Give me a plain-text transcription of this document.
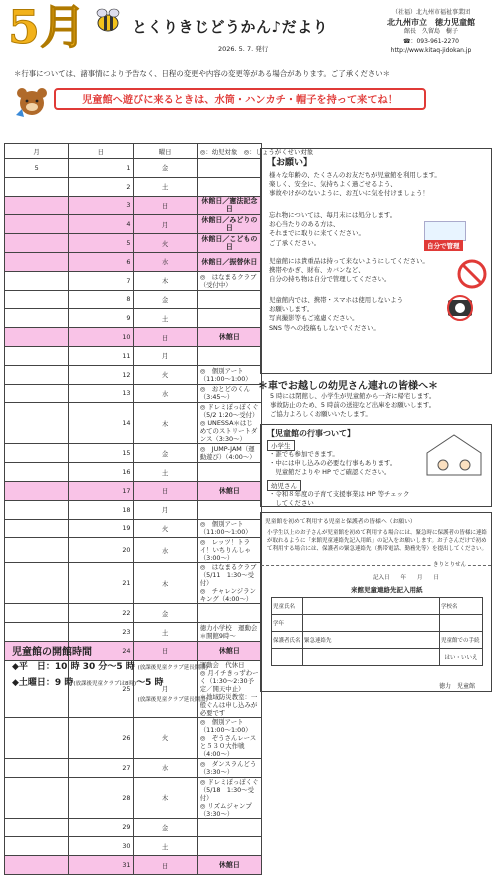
5月	とくりきじどうかん♪だより
2026. 5. 7. 発行
（社福）北九州市福祉事業団
北九州市立　徳力児童館
館長　久留島　樹子
☎：093-961-2270
http://www.kitaq-jidokan.jp
＊行事については、諸事情により予告なく、日程の変更や内容の変更等がある場合があります。ご了承ください＊
児童館へ遊びに来るときは、水筒・ハンカチ・帽子を持って来てね！
月	日	曜日	◎：幼児対象　◎：しょうがくせい対象
5	1	金	
	2	土	
	3	日	休館日／憲法記念日
	4	月	休館日／みどりの日
	5	火	休館日／こどもの日
	6	水	休館日／振替休日
	7	木	◎　はなまるクラブ（受付中）
	8	金	
	9	土	
	10	日	休館日
	11	月	
	12	火	◎　個別アート（11:00～1:00）
	13	水	◎　おとどのくん（3:45～）
	14	木	◎ ドレミぽっぽくぐ（5/2 1:20～受付）
◎ UNESSA＊はじめてのストリートダンス（3:30～）
	15	金	◎　JUMP-JAM（運動遊び）（4:00～）
	16	土	
	17	日	休館日
	18	月	
	19	火	◎　個別アート（11:00～1:00）
	20	水	◎　レッツ！トライ！いちりんしゃ（3:00～）
	21	木	◎　はなまるクラブ（5/11　1:30～受付）
◎　チャレンジランキング（4:00～）
	22	金	
	23	土	徳力小学校　運動会＊開館9時～
	24	日	休館日
	25	月	運動会　代休日
◎ 月イチきっずわーく（1:30～2:30予定／開天中止）
＊地域防災教室：一般ぐんは申し込みが必要です
	26	火	◎　個別アート（11:00～1:00）
◎　ぞうさんレースと５３０大作戦（4:00～）
	27	水	◎　ダンスラんどう（3:30～）
	28	木	◎ ドレミぽっぽくぐ（5/18　1:30～受付）
◎ リズムジャンプ（3:30～）
	29	金	
	30	土	
	31	日	休館日
児童館の開館時間
◆平　日：10 時 30 分～5 時 (放課後児童クラブ延長開設)
◆土曜日：9 時(放課後児童クラブは8時)～5 時
(放課後児童クラブ延長開設)
【お願い】
様々な年齢の、たくさんのお友だちが児童館を利用します。
楽しく、安全に、気持ちよく過ごせるよう、
事故やけがのないように、お互いに気を付けましょう！
忘れ物については、毎月末には処分します。
お心当たりのある方は、
それまでに取りに来てください。
ご了承ください。	自分で管理
児童館には貴重品は持って来ないようにしてください。
携帯やかぎ、財布、カバンなど、
自分の持ち物は自分で管理してください。
児童館内では、携帯・スマホは使用しないよう
お願いします。
写真撮影等もご遠慮ください。
SNS 等への投稿もしないでください。
＊車でお越しの幼児さん連れの皆様へ＊
5 時には閉館し、小学生が児童館から一斉に帰宅します。
事故防止のため、5 時前の送迎など出庫をお願いします。
ご協力よろしくお願いいたします。
【児童館の行事ついて】
小学生
・誰でも参加できます。
・中には申し込みの必要な行事もあります。
　児童館だよりや HP でご確認ください。
幼児さん
・令和８年度の子育て支援事業は HP 等チェック
　してください
児童館を初めて利用する児童と保護者の皆様へ（お願い）
小学生以上のお子さんが児童館を初めて利用する場合には、緊急時に保護者の皆様に連絡が取れるように「来館児童連絡先記入用紙」の記入をお願いします。お子さんだけで初めて利用する場合には、保護者の緊急連絡先（携帯電話、勤務先等）を提出してください。
きりとりせん
記入日　　年　　月　　日
来館児童連絡先記入用紙
児童氏名		学校名
学年		
保護者氏名	緊急連絡先	児童館での手続
		はい・いいえ
徳力　児童館
